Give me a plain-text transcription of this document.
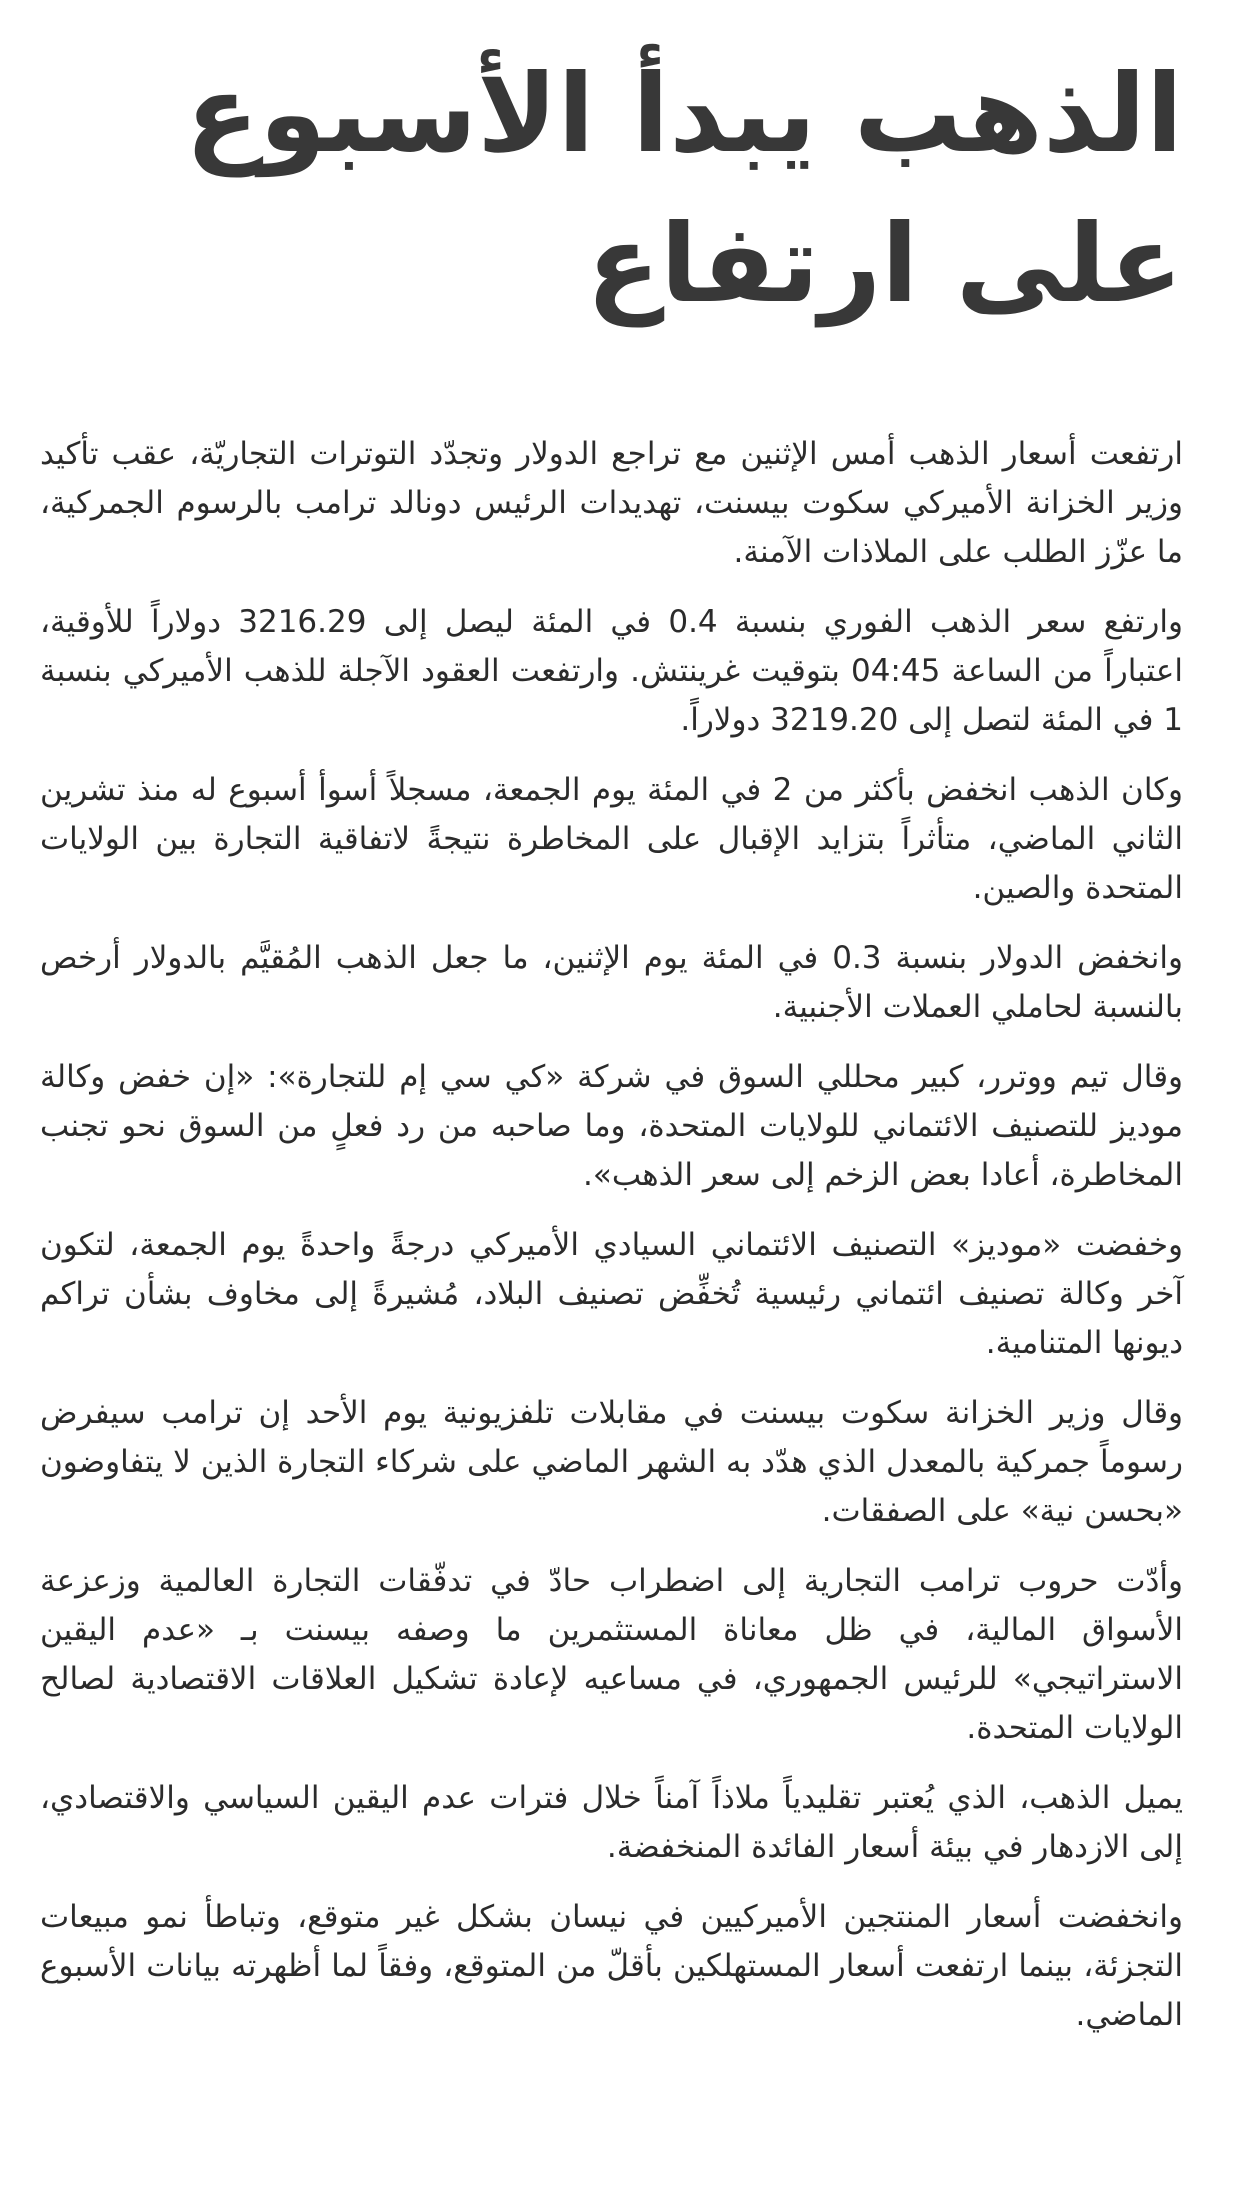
الذهب يبدأ الأسبوع على ارتفاع

ارتفعت أسعار الذهب أمس الإثنين مع تراجع الدولار وتجدّد التوترات التجاريّة، عقب تأكيد وزير الخزانة الأميركي سكوت بيسنت، تهديدات الرئيس دونالد ترامب بالرسوم الجمركية، ما عزّز الطلب على الملاذات الآمنة.

وارتفع سعر الذهب الفوري بنسبة 0.4 في المئة ليصل إلى 3216.29 دولاراً للأوقية، اعتباراً من الساعة 04:45 بتوقيت غرينتش. وارتفعت العقود الآجلة للذهب الأميركي بنسبة 1 في المئة لتصل إلى 3219.20 دولاراً.

وكان الذهب انخفض بأكثر من 2 في المئة يوم الجمعة، مسجلاً أسوأ أسبوع له منذ تشرين الثاني الماضي، متأثراً بتزايد الإقبال على المخاطرة نتيجةً لاتفاقية التجارة بين الولايات المتحدة والصين.

وانخفض الدولار بنسبة 0.3 في المئة يوم الإثنين، ما جعل الذهب المُقيَّم بالدولار أرخص بالنسبة لحاملي العملات الأجنبية.

وقال تيم ووترر، كبير محللي السوق في شركة «كي سي إم للتجارة»: «إن خفض وكالة موديز للتصنيف الائتماني للولايات المتحدة، وما صاحبه من رد فعلٍ من السوق نحو تجنب المخاطرة، أعادا بعض الزخم إلى سعر الذهب».

وخفضت «موديز» التصنيف الائتماني السيادي الأميركي درجةً واحدةً يوم الجمعة، لتكون آخر وكالة تصنيف ائتماني رئيسية تُخفِّض تصنيف البلاد، مُشيرةً إلى مخاوف بشأن تراكم ديونها المتنامية.

وقال وزير الخزانة سكوت بيسنت في مقابلات تلفزيونية يوم الأحد إن ترامب سيفرض رسوماً جمركية بالمعدل الذي هدّد به الشهر الماضي على شركاء التجارة الذين لا يتفاوضون «بحسن نية» على الصفقات.

وأدّت حروب ترامب التجارية إلى اضطراب حادّ في تدفّقات التجارة العالمية وزعزعة الأسواق المالية، في ظل معاناة المستثمرين ما وصفه بيسنت بـ «عدم اليقين الاستراتيجي» للرئيس الجمهوري، في مساعيه لإعادة تشكيل العلاقات الاقتصادية لصالح الولايات المتحدة.

يميل الذهب، الذي يُعتبر تقليدياً ملاذاً آمناً خلال فترات عدم اليقين السياسي والاقتصادي، إلى الازدهار في بيئة أسعار الفائدة المنخفضة.

وانخفضت أسعار المنتجين الأميركيين في نيسان بشكل غير متوقع، وتباطأ نمو مبيعات التجزئة، بينما ارتفعت أسعار المستهلكين بأقلّ من المتوقع، وفقاً لما أظهرته بيانات الأسبوع الماضي.
